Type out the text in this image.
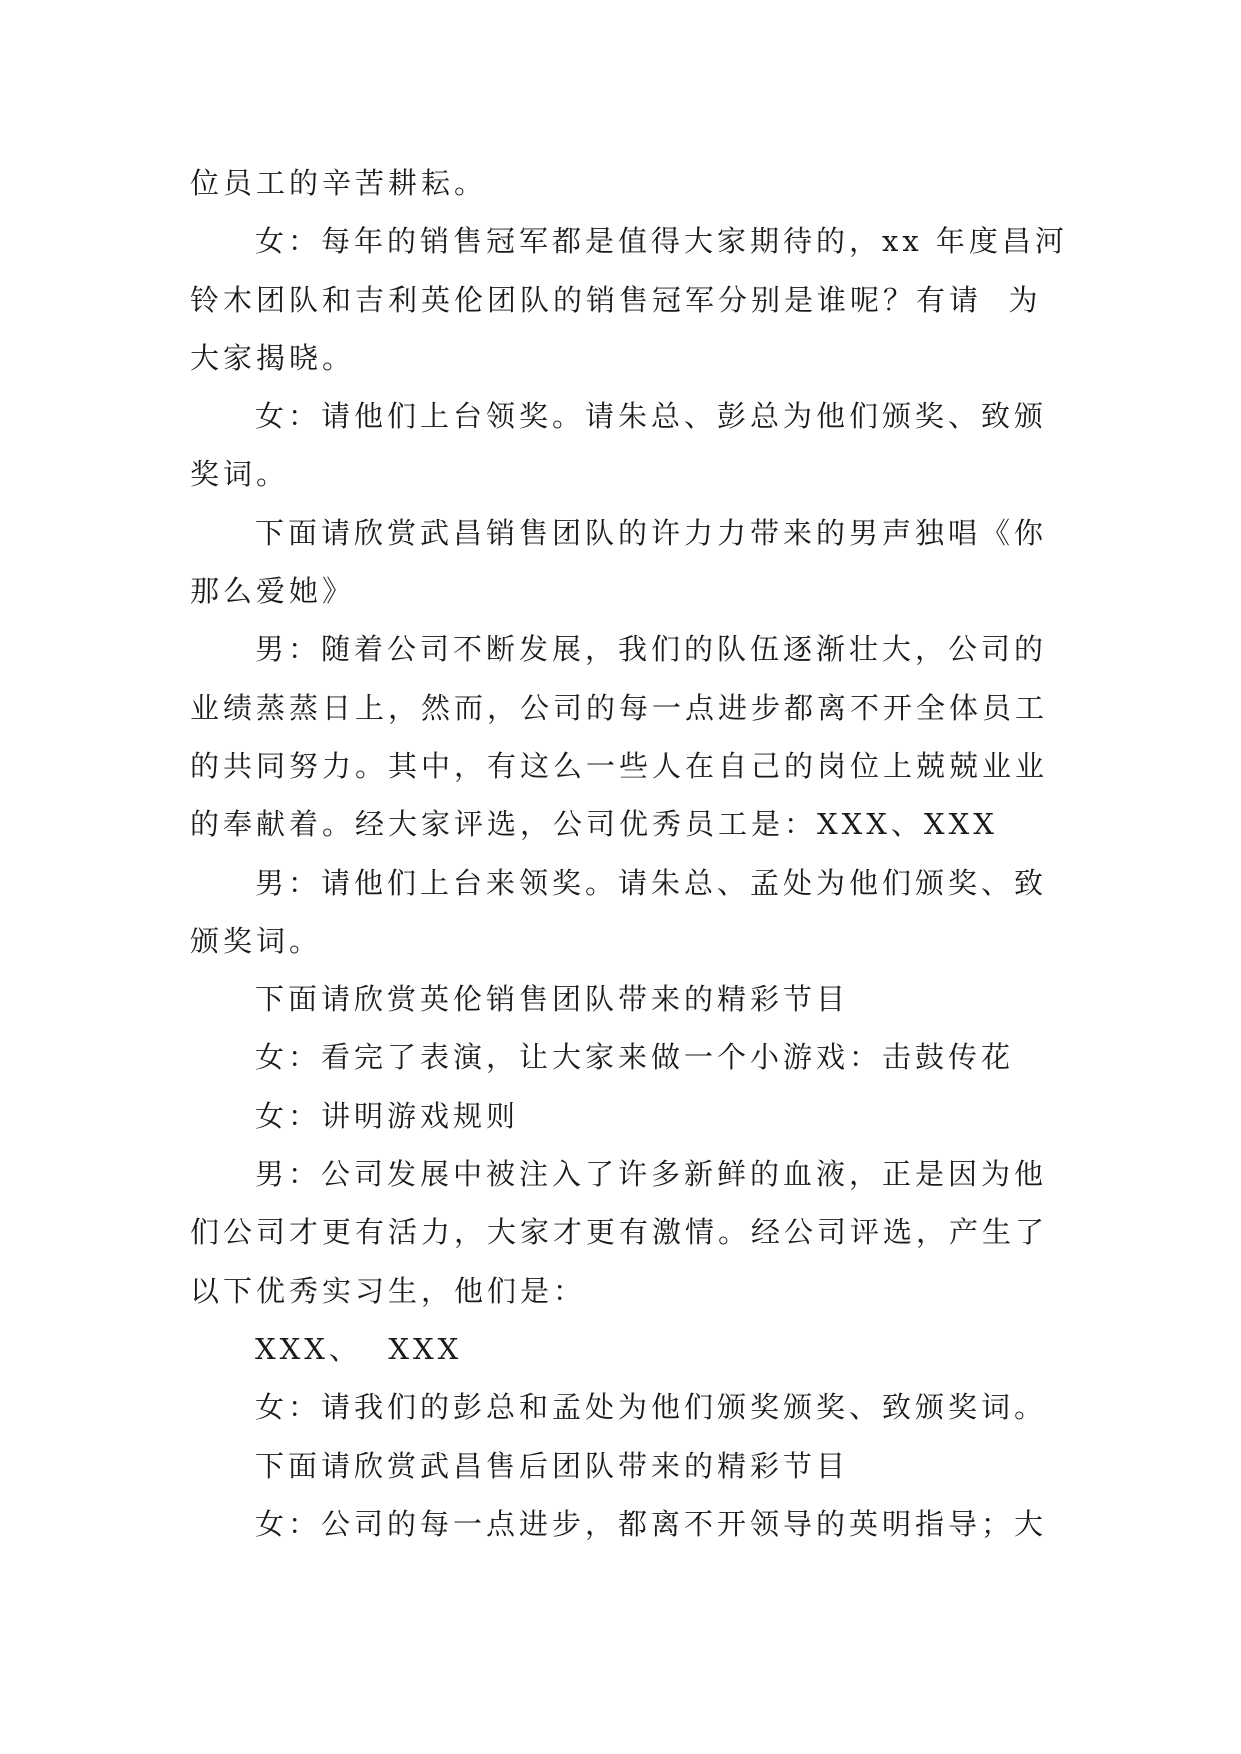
位员工的辛苦耕耘。
女：每年的销售冠军都是值得大家期待的，xx 年度昌河
铃木团队和吉利英伦团队的销售冠军分别是谁呢？有请  为
大家揭晓。
女：请他们上台领奖。请朱总、彭总为他们颁奖、致颁
奖词。
下面请欣赏武昌销售团队的许力力带来的男声独唱《你
那么爱她》
男：随着公司不断发展，我们的队伍逐渐壮大，公司的
业绩蒸蒸日上，然而，公司的每一点进步都离不开全体员工
的共同努力。其中，有这么一些人在自己的岗位上兢兢业业
的奉献着。经大家评选，公司优秀员工是：XXX、XXX
男：请他们上台来领奖。请朱总、孟处为他们颁奖、致
颁奖词。
下面请欣赏英伦销售团队带来的精彩节目
女：看完了表演，让大家来做一个小游戏：击鼓传花
女：讲明游戏规则
男：公司发展中被注入了许多新鲜的血液，正是因为他
们公司才更有活力，大家才更有激情。经公司评选，产生了
以下优秀实习生，他们是：
XXX、  XXX
女：请我们的彭总和孟处为他们颁奖颁奖、致颁奖词。
下面请欣赏武昌售后团队带来的精彩节目
女：公司的每一点进步，都离不开领导的英明指导；大
